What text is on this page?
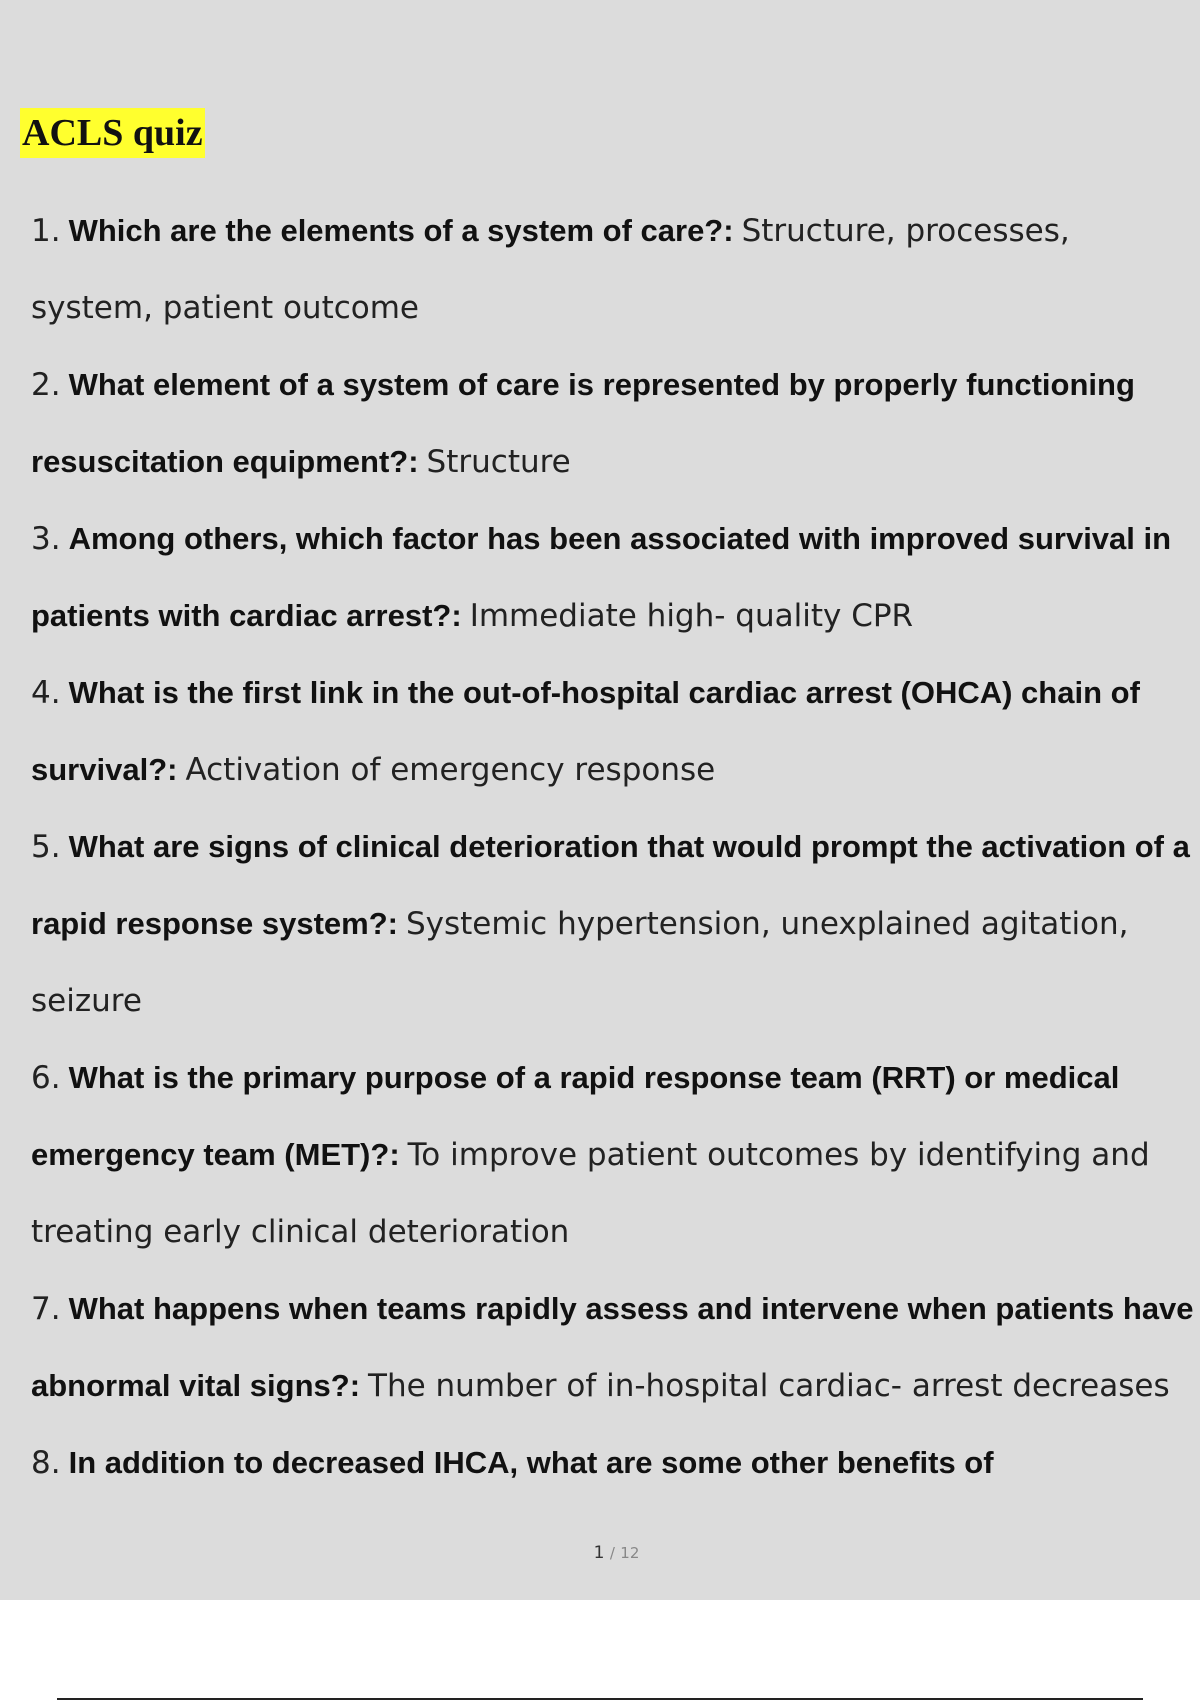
ACLS quiz
1. Which are the elements of a system of care?: Structure, processes, system, patient outcome
2. What element of a system of care is represented by properly functioning resuscitation equipment?: Structure
3. Among others, which factor has been associated with improved survival in patients with cardiac arrest?: Immediate high- quality CPR
4. What is the first link in the out-of-hospital cardiac arrest (OHCA) chain of survival?: Activation of emergency response
5. What are signs of clinical deterioration that would prompt the activation of a rapid response system?: Systemic hypertension, unexplained agitation, seizure
6. What is the primary purpose of a rapid response team (RRT) or medical emergency team (MET)?: To improve patient outcomes by identifying and treating early clinical deterioration
7. What happens when teams rapidly assess and intervene when patients have abnormal vital signs?: The number of in-hospital cardiac- arrest decreases
8. In addition to decreased IHCA, what are some other benefits of
1 / 12
